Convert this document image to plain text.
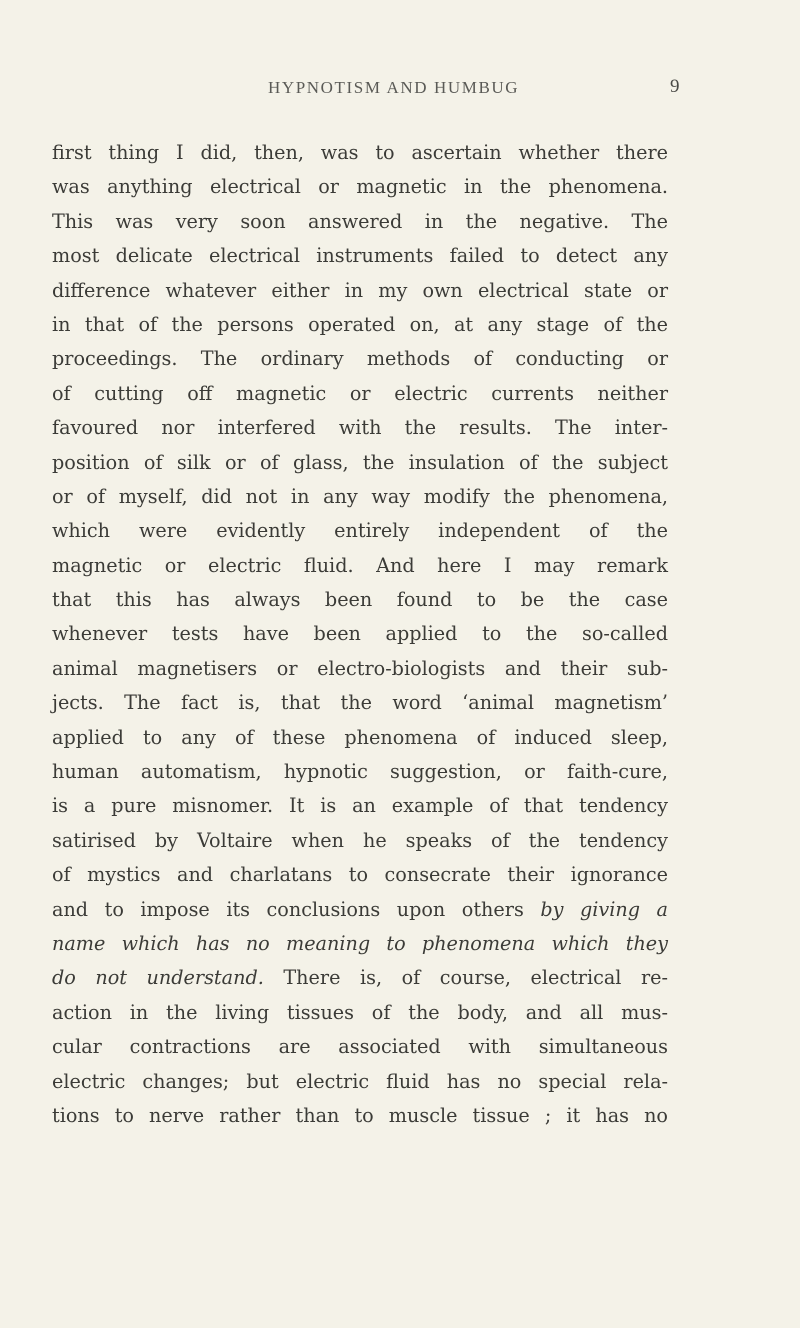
HYPNOTISM AND HUMBUG	9
first thing I did, then, was to ascertain whether there
was anything electrical or magnetic in the phenomena.
This was very soon answered in the negative. The
most delicate electrical instruments failed to detect any
difference whatever either in my own electrical state or
in that of the persons operated on, at any stage of the
proceedings. The ordinary methods of conducting or
of cutting off magnetic or electric currents neither
favoured nor interfered with the results. The inter-
position of silk or of glass, the insulation of the subject
or of myself, did not in any way modify the phenomena,
which were evidently entirely independent of the
magnetic or electric fluid. And here I may remark
that this has always been found to be the case
whenever tests have been applied to the so-called
animal magnetisers or electro-biologists and their sub-
jects. The fact is, that the word ‘animal magnetism’
applied to any of these phenomena of induced sleep,
human automatism, hypnotic suggestion, or faith-cure,
is a pure misnomer. It is an example of that tendency
satirised by Voltaire when he speaks of the tendency
of mystics and charlatans to consecrate their ignorance
and to impose its conclusions upon others by giving a
name which has no meaning to phenomena which they
do not understand. There is, of course, electrical re-
action in the living tissues of the body, and all mus-
cular contractions are associated with simultaneous
electric changes; but electric fluid has no special rela-
tions to nerve rather than to muscle tissue ; it has no
